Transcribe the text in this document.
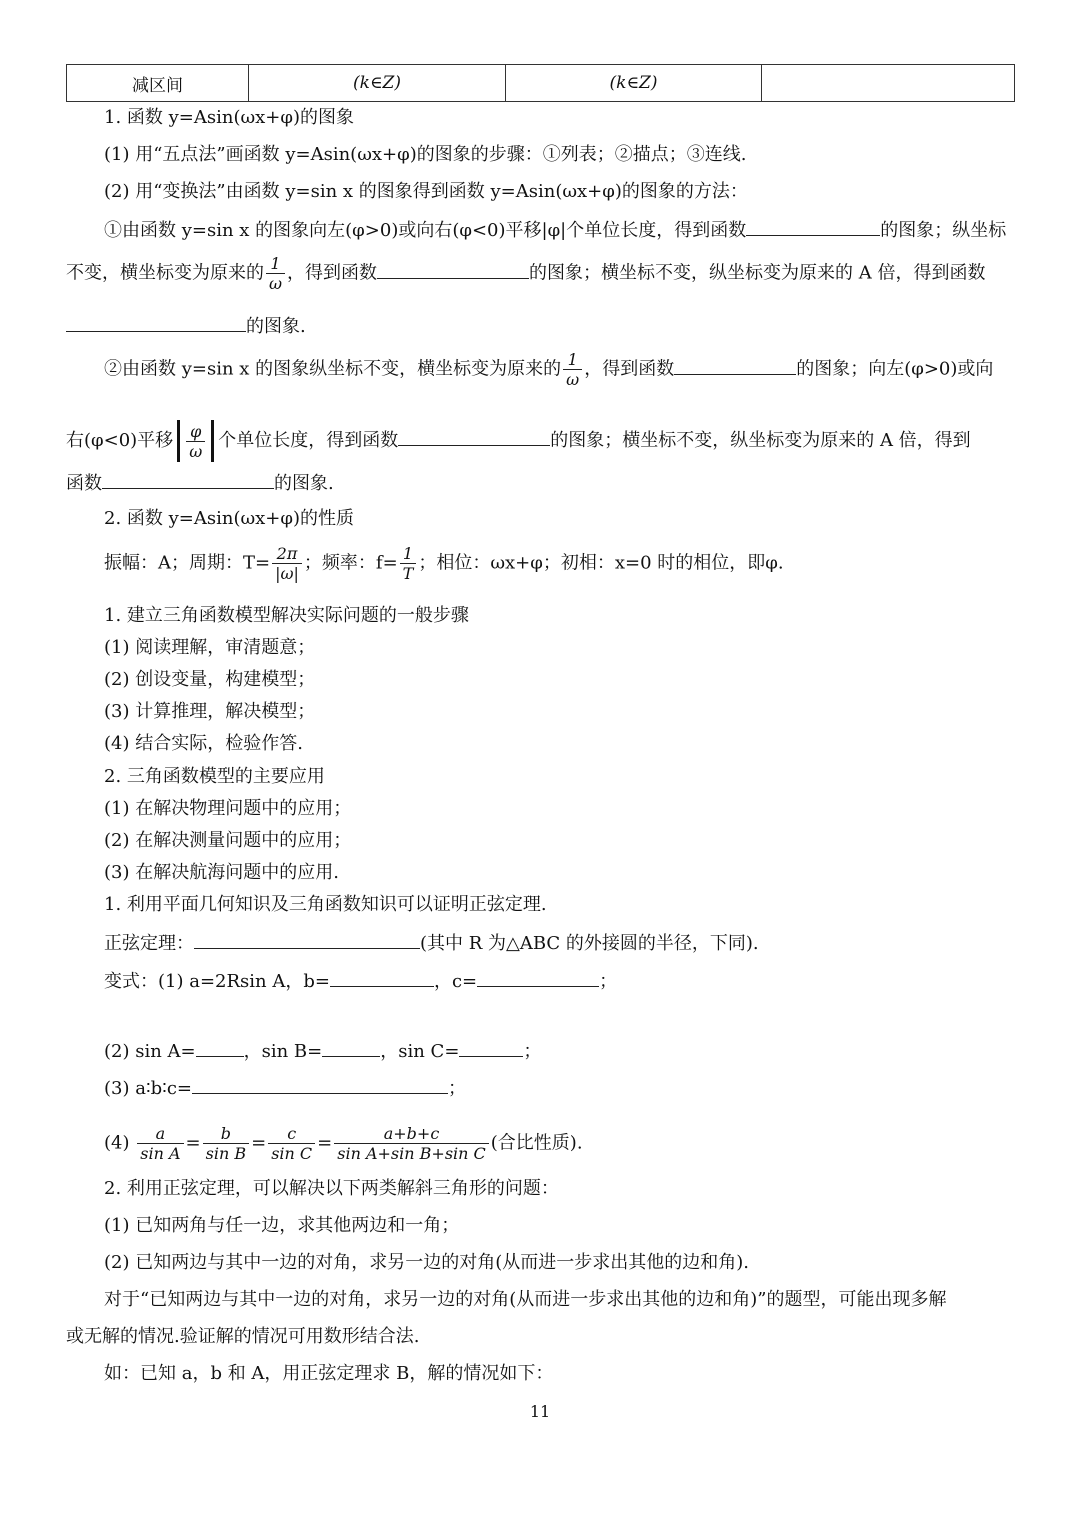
减区间	(k∈Z)	(k∈Z)	
1. 函数 y=Asin(ωx+φ)的图象
(1) 用“五点法”画函数 y=Asin(ωx+φ)的图象的步骤：①列表；②描点；③连线.
(2) 用“变换法”由函数 y=sin x 的图象得到函数 y=Asin(ωx+φ)的图象的方法：
①由函数 y=sin x 的图象向左(φ>0)或向右(φ<0)平移|φ|个单位长度，得到函数	的图象；纵坐标
不变，横坐标变为原来的 $\frac{1}{\omega}$ ，得到函数	的图象；横坐标不变，纵坐标变为原来的 A 倍，得到函数
的图象.
②由函数 y=sin x 的图象纵坐标不变，横坐标变为原来的 $\frac{1}{\omega}$ ，得到函数	的图象；向左(φ>0)或向
右(φ<0)平移 $\frac{\varphi}{\omega}$ 个单位长度，得到函数	的图象；横坐标不变，纵坐标变为原来的 A 倍，得到
函数	的图象.
2. 函数 y=Asin(ωx+φ)的性质
振幅：A；周期：$T= \frac{2\pi}{|\omega|}$ ；频率：$f= \frac{1}{T}$ ；相位：ωx+φ；初相：x=0 时的相位，即φ.
1. 建立三角函数模型解决实际问题的一般步骤
(1) 阅读理解，审清题意；
(2) 创设变量，构建模型；
(3) 计算推理，解决模型；
(4) 结合实际，检验作答.
2. 三角函数模型的主要应用
(1) 在解决物理问题中的应用；
(2) 在解决测量问题中的应用；
(3) 在解决航海问题中的应用.
1. 利用平面几何知识及三角函数知识可以证明正弦定理.
正弦定理：	(其中 R 为△ABC 的外接圆的半径，下同).
变式：(1) a=2Rsin A，b=	，c=	；
(2) sin A=	，sin B=	，sin C=	；
(3) a∶b∶c=	；
$(4) \frac{a}{\text{sin A}} = \frac{b}{\text{sin B}} = \frac{c}{\text{sin C}} = \frac{a+b+c}{\text{sin A+sin B+sin C}}$ (合比性质).
2. 利用正弦定理，可以解决以下两类解斜三角形的问题：
(1) 已知两角与任一边，求其他两边和一角；
(2) 已知两边与其中一边的对角，求另一边的对角(从而进一步求出其他的边和角).
对于“已知两边与其中一边的对角，求另一边的对角(从而进一步求出其他的边和角)”的题型，可能出现多解
或无解的情况.验证解的情况可用数形结合法.
如：已知 a，b 和 A，用正弦定理求 B，解的情况如下：
11
